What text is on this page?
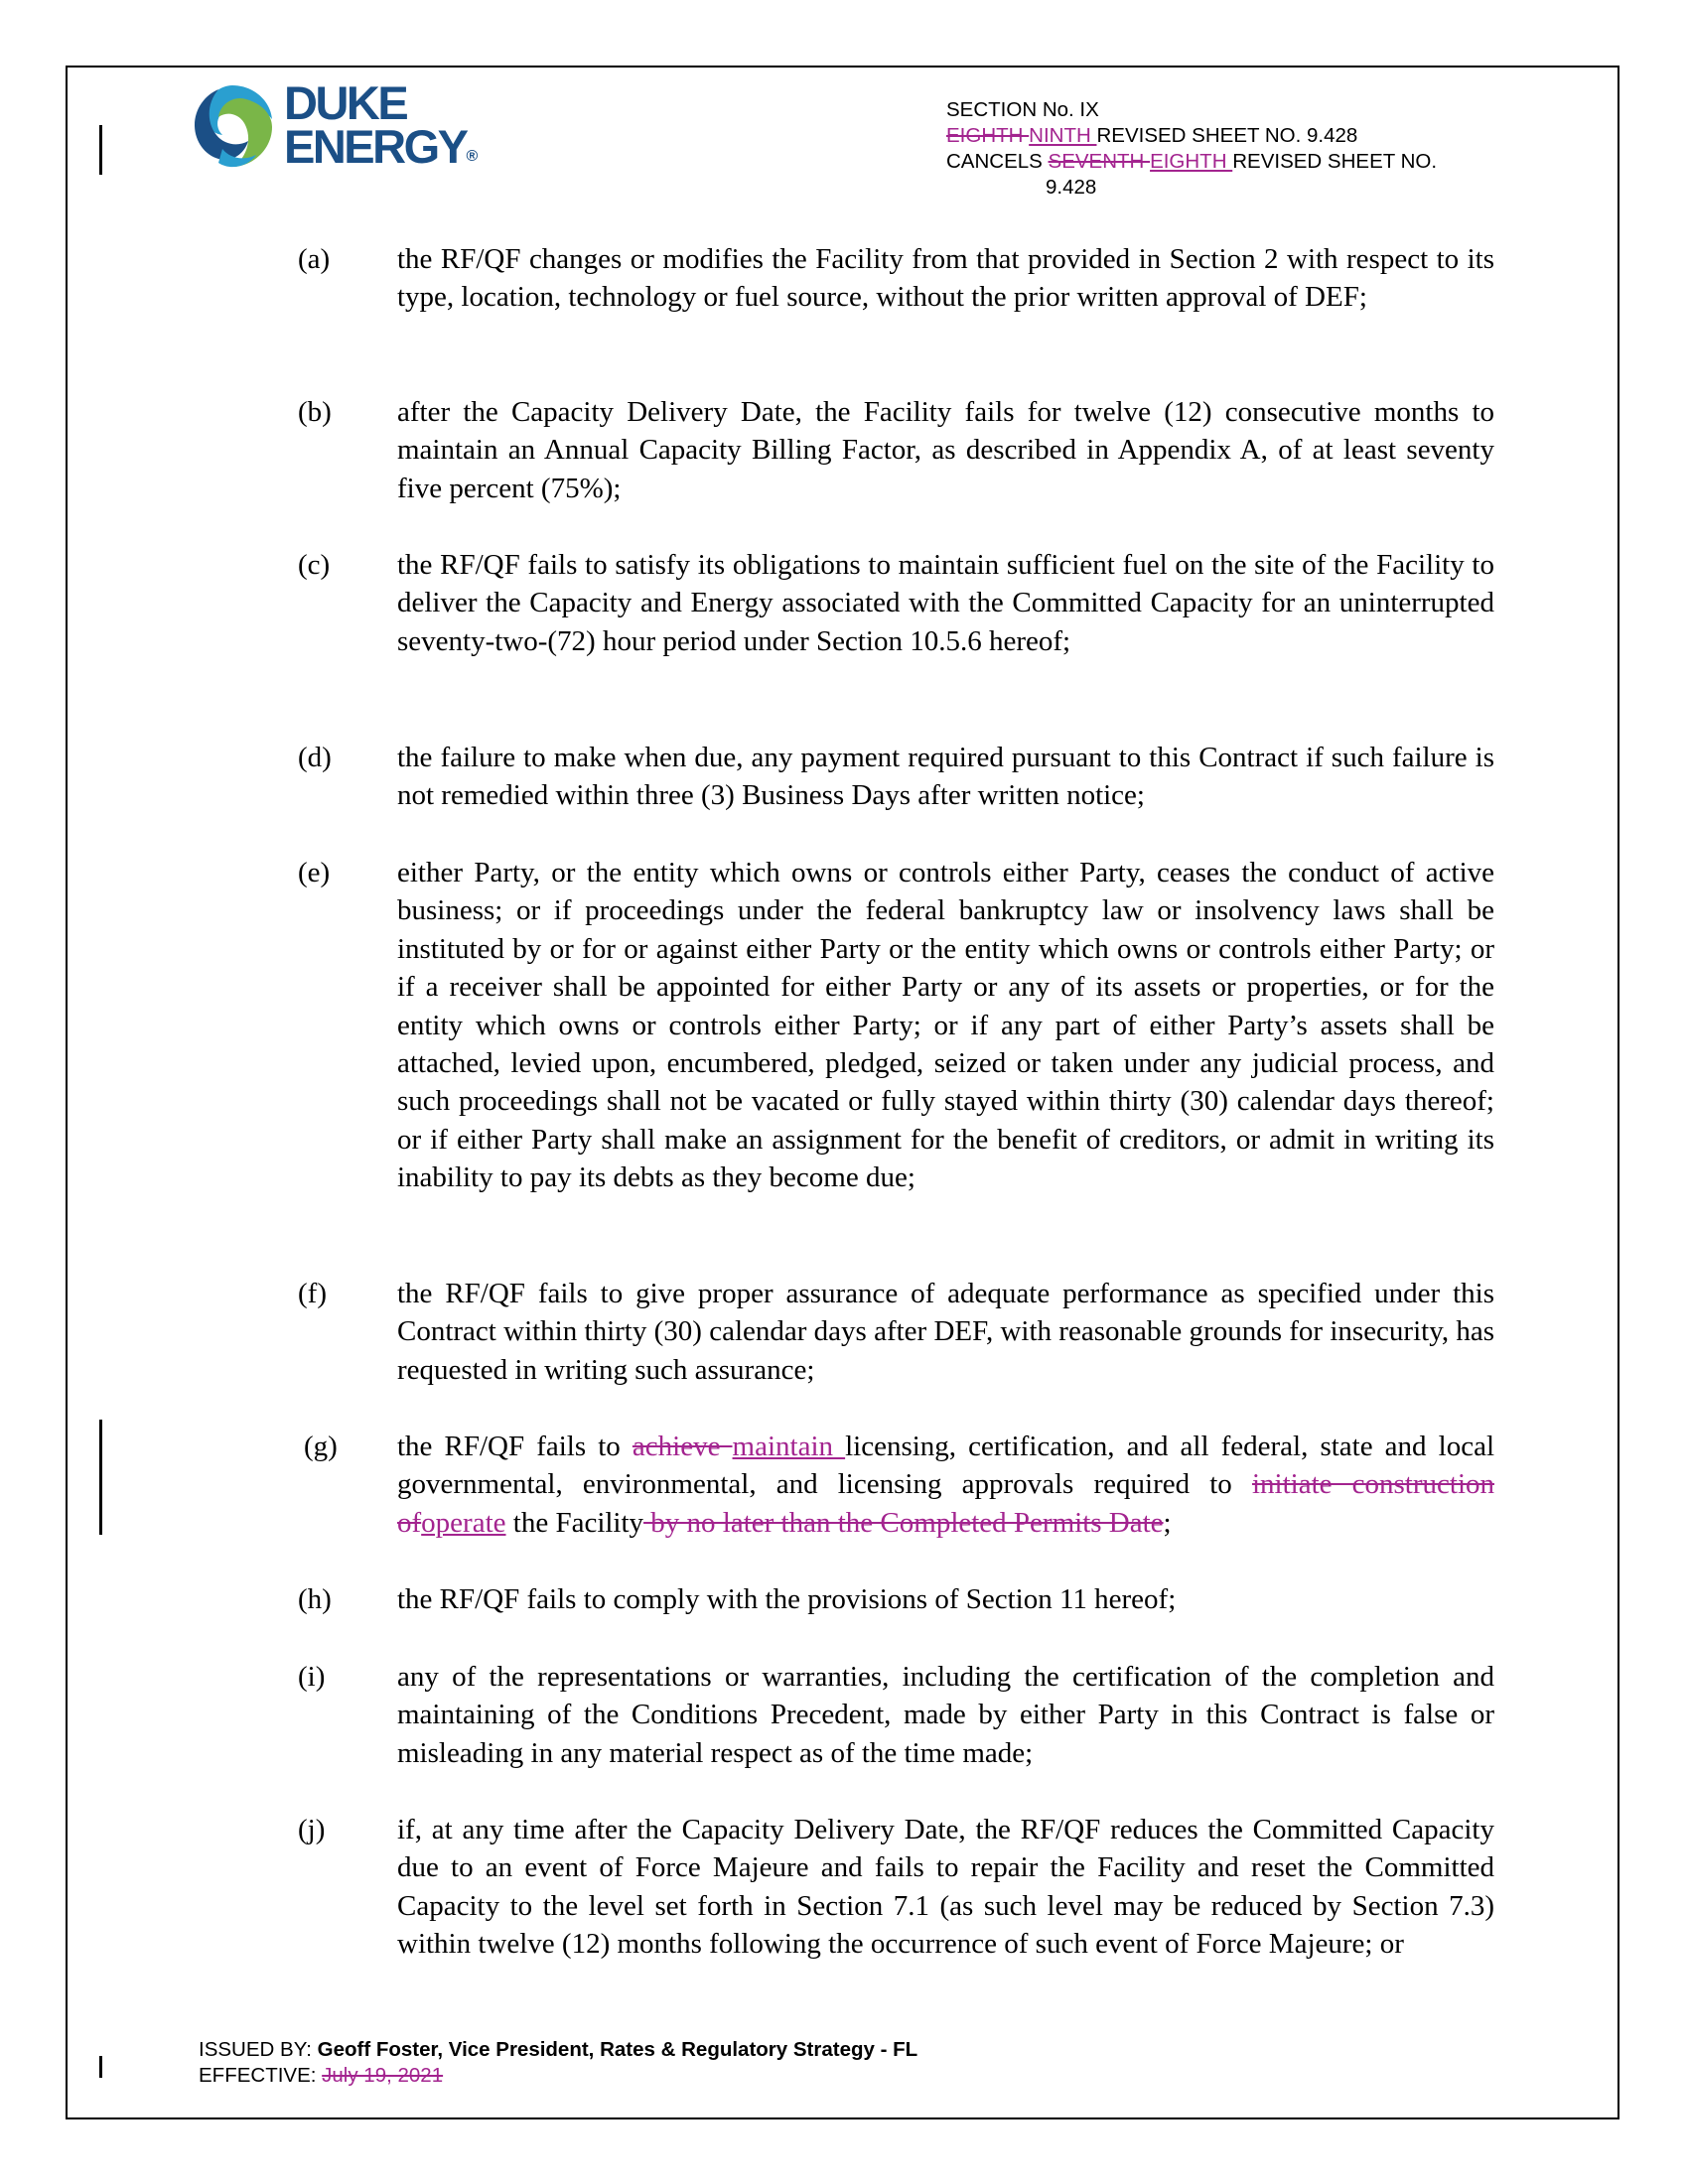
DUKE
ENERGY®
SECTION No. IX
EIGHTH NINTH REVISED SHEET NO. 9.428
CANCELS SEVENTH EIGHTH REVISED SHEET NO.
9.428
(a) the RF/QF changes or modifies the Facility from that provided in Section 2 with respect to its type, location, technology or fuel source, without the prior written approval of DEF;
(b) after the Capacity Delivery Date, the Facility fails for twelve (12) consecutive months to maintain an Annual Capacity Billing Factor, as described in Appendix A, of at least seventy five percent (75%);
(c) the RF/QF fails to satisfy its obligations to maintain sufficient fuel on the site of the Facility to deliver the Capacity and Energy associated with the Committed Capacity for an uninterrupted seventy-two-(72) hour period under Section 10.5.6 hereof;
(d) the failure to make when due, any payment required pursuant to this Contract if such failure is not remedied within three (3) Business Days after written notice;
(e) either Party, or the entity which owns or controls either Party, ceases the conduct of active business; or if proceedings under the federal bankruptcy law or insolvency laws shall be instituted by or for or against either Party or the entity which owns or controls either Party; or if a receiver shall be appointed for either Party or any of its assets or properties, or for the entity which owns or controls either Party; or if any part of either Party’s assets shall be attached, levied upon, encumbered, pledged, seized or taken under any judicial process, and such proceedings shall not be vacated or fully stayed within thirty (30) calendar days thereof; or if either Party shall make an assignment for the benefit of creditors, or admit in writing its inability to pay its debts as they become due;
(f) the RF/QF fails to give proper assurance of adequate performance as specified under this Contract within thirty (30) calendar days after DEF, with reasonable grounds for insecurity, has requested in writing such assurance;
(g) the RF/QF fails to achieve maintain licensing, certification, and all federal, state and local governmental, environmental, and licensing approvals required to initiate construction ofoperate the Facility by no later than the Completed Permits Date;
(h) the RF/QF fails to comply with the provisions of Section 11 hereof;
(i)	any of the representations or warranties, including the certification of the completion and maintaining of the Conditions Precedent, made by either Party in this Contract is false or misleading in any material respect as of the time made;
(j)	if, at any time after the Capacity Delivery Date, the RF/QF reduces the Committed Capacity due to an event of Force Majeure and fails to repair the Facility and reset the Committed Capacity to the level set forth in Section 7.1 (as such level may be reduced by Section 7.3) within twelve (12) months following the occurrence of such event of Force Majeure; or
ISSUED BY: Geoff Foster, Vice President, Rates & Regulatory Strategy - FL
EFFECTIVE: July 19, 2021
